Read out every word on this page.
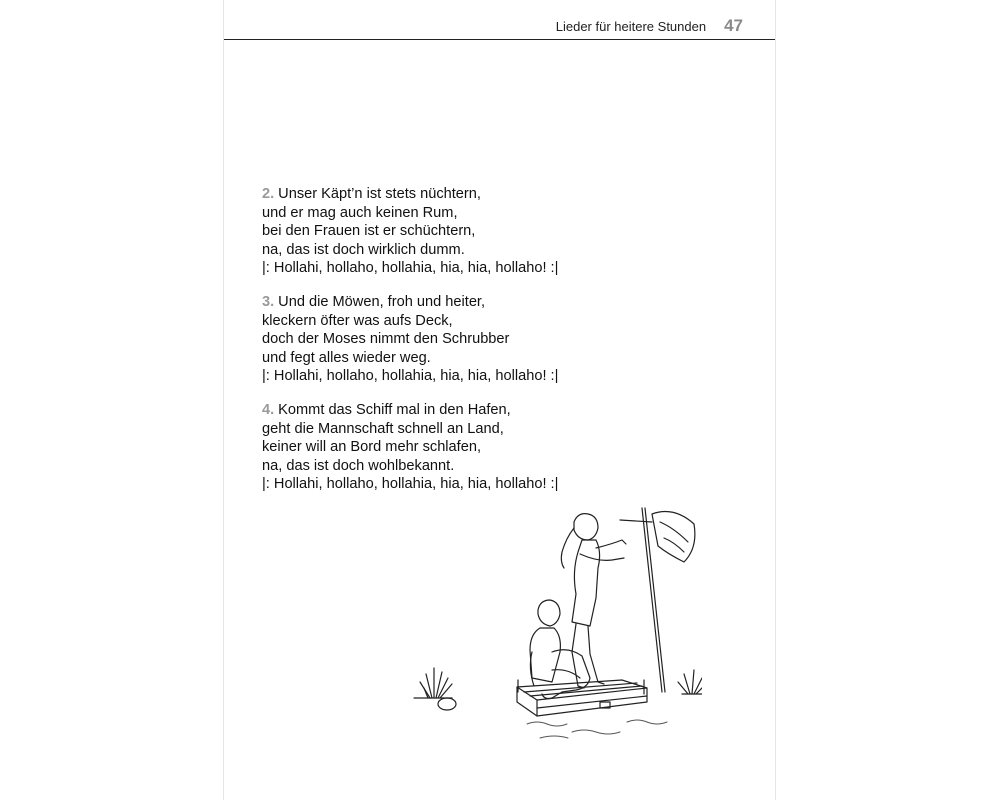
Lieder für heitere Stunden 47
2. Unser Käpt’n ist stets nüchtern,
und er mag auch keinen Rum,
bei den Frauen ist er schüchtern,
na, das ist doch wirklich dumm.
|: Hollahi, hollaho, hollahia, hia, hia, hollaho! :|
3. Und die Möwen, froh und heiter,
kleckern öfter was aufs Deck,
doch der Moses nimmt den Schrubber
und fegt alles wieder weg.
|: Hollahi, hollaho, hollahia, hia, hia, hollaho! :|
4. Kommt das Schiff mal in den Hafen,
geht die Mannschaft schnell an Land,
keiner will an Bord mehr schlafen,
na, das ist doch wohlbekannt.
|: Hollahi, hollaho, hollahia, hia, hia, hollaho! :|
